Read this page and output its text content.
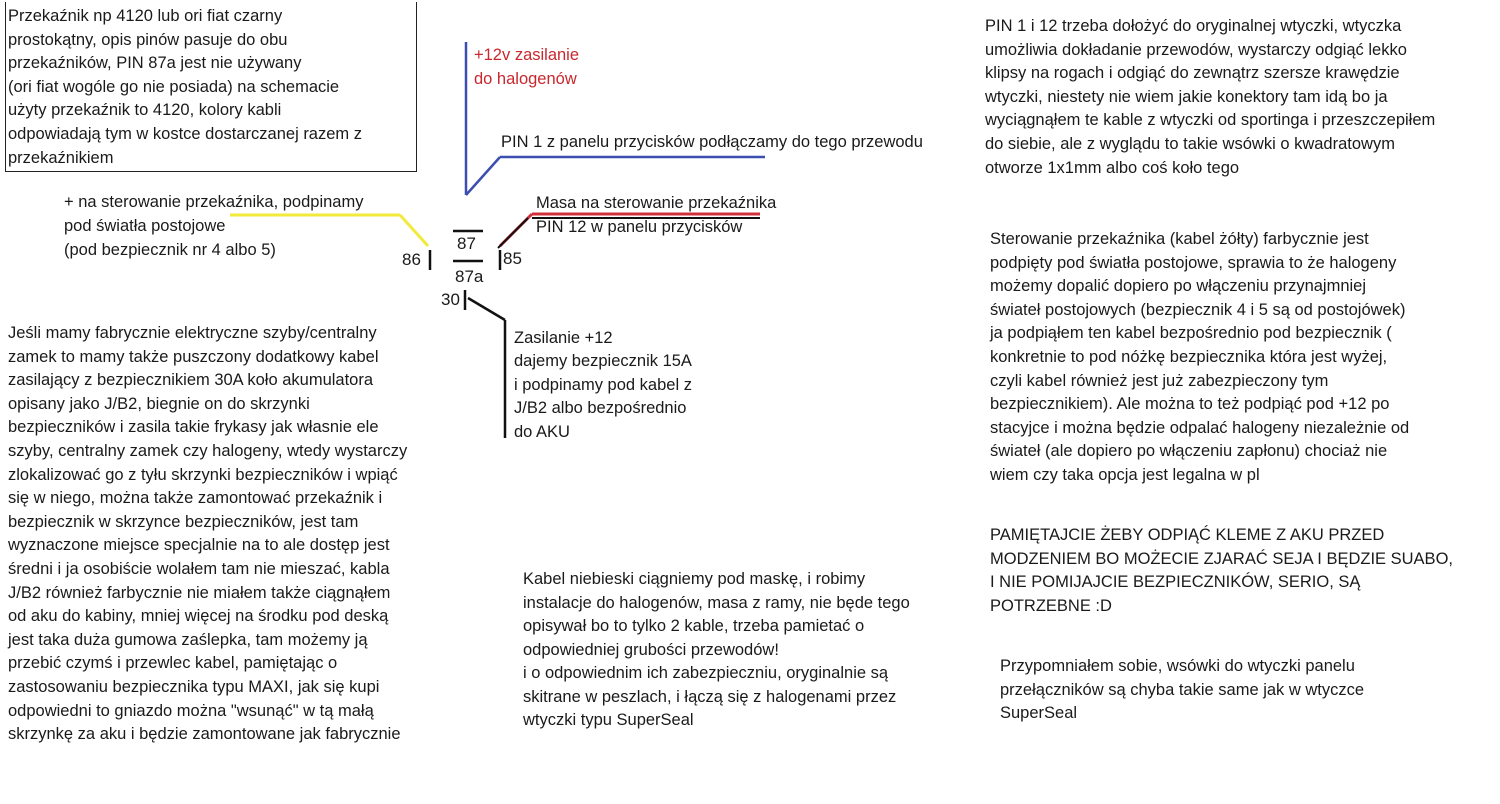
Przekaźnik np 4120 lub ori fiat czarny
prostokątny, opis pinów pasuje do obu
przekaźników, PIN 87a jest nie używany
(ori fiat wogóle go nie posiada) na schemacie
użyty przekaźnik to 4120, kolory kabli
odpowiadają tym w kostce dostarczanej razem z
przekaźnikiem

+12v zasilanie
do halogenów

PIN 1 z panelu przycisków podłączamy do tego przewodu

Masa na sterowanie przekaźnika
PIN 12 w panelu przycisków

+ na sterowanie przekaźnika, podpinamy
pod światła postojowe
(pod bezpiecznik nr 4 albo 5)	86
87
87a
85
30

Zasilanie +12
dajemy bezpiecznik 15A
i podpinamy pod kabel z
J/B2 albo bezpośrednio
do AKU

Jeśli mamy fabrycznie elektryczne szyby/centralny
zamek to mamy także puszczony dodatkowy kabel
zasilający z bezpiecznikiem 30A koło akumulatora
opisany jako J/B2, biegnie on do skrzynki
bezpieczników i zasila takie frykasy jak własnie ele
szyby, centralny zamek czy halogeny, wtedy wystarczy
zlokalizować go z tyłu skrzynki bezpieczników i wpiąć
się w niego, można także zamontować przekaźnik i
bezpiecznik w skrzynce bezpieczników, jest tam
wyznaczone miejsce specjalnie na to ale dostęp jest
średni i ja osobiście wolałem tam nie mieszać, kabla
J/B2 również farbycznie nie miałem także ciągnąłem
od aku do kabiny, mniej więcej na środku pod deską
jest taka duża gumowa zaślepka, tam możemy ją
przebić czymś i przewlec kabel, pamiętając o
zastosowaniu bezpiecznika typu MAXI, jak się kupi
odpowiedni to gniazdo można "wsunąć" w tą małą
skrzynkę za aku i będzie zamontowane jak fabrycznie

Kabel niebieski ciągniemy pod maskę, i robimy
instalacje do halogenów, masa z ramy, nie będe tego
opisywał bo to tylko 2 kable, trzeba pamietać o
odpowiedniej grubości przewodów!
i o odpowiednim ich zabezpieczniu, oryginalnie są
skitrane w peszlach, i łączą się z halogenami przez
wtyczki typu SuperSeal

PIN 1 i 12 trzeba dołożyć do oryginalnej wtyczki, wtyczka
umożliwia dokładanie przewodów, wystarczy odgiąć lekko
klipsy na rogach i odgiąć do zewnątrz szersze krawędzie
wtyczki, niestety nie wiem jakie konektory tam idą bo ja
wyciągnąłem te kable z wtyczki od sportinga i przeszczepiłem
do siebie, ale z wyglądu to takie wsówki o kwadratowym
otworze 1x1mm albo coś koło tego

Sterowanie przekaźnika (kabel żółty) farbycznie jest
podpięty pod światła postojowe, sprawia to że halogeny
możemy dopalić dopiero po włączeniu przynajmniej
świateł postojowych (bezpiecznik 4 i 5 są od postojówek)
ja podpiąłem ten kabel bezpośrednio pod bezpiecznik (
konkretnie to pod nóżkę bezpiecznika która jest wyżej,
czyli kabel również jest już zabezpieczony tym
bezpiecznikiem). Ale można to też podpiąć pod +12 po
stacyjce i można będzie odpalać halogeny niezależnie od
świateł (ale dopiero po włączeniu zapłonu) chociaż nie
wiem czy taka opcja jest legalna w pl

PAMIĘTAJCIE ŻEBY ODPIĄĆ KLEME Z AKU PRZED
MODZENIEM BO MOŻECIE ZJARAĆ SEJA I BĘDZIE SUABO,
I NIE POMIJAJCIE BEZPIECZNIKÓW, SERIO, SĄ
POTRZEBNE :D

Przypomniałem sobie, wsówki do wtyczki panelu
przełączników są chyba takie same jak w wtyczce
SuperSeal
